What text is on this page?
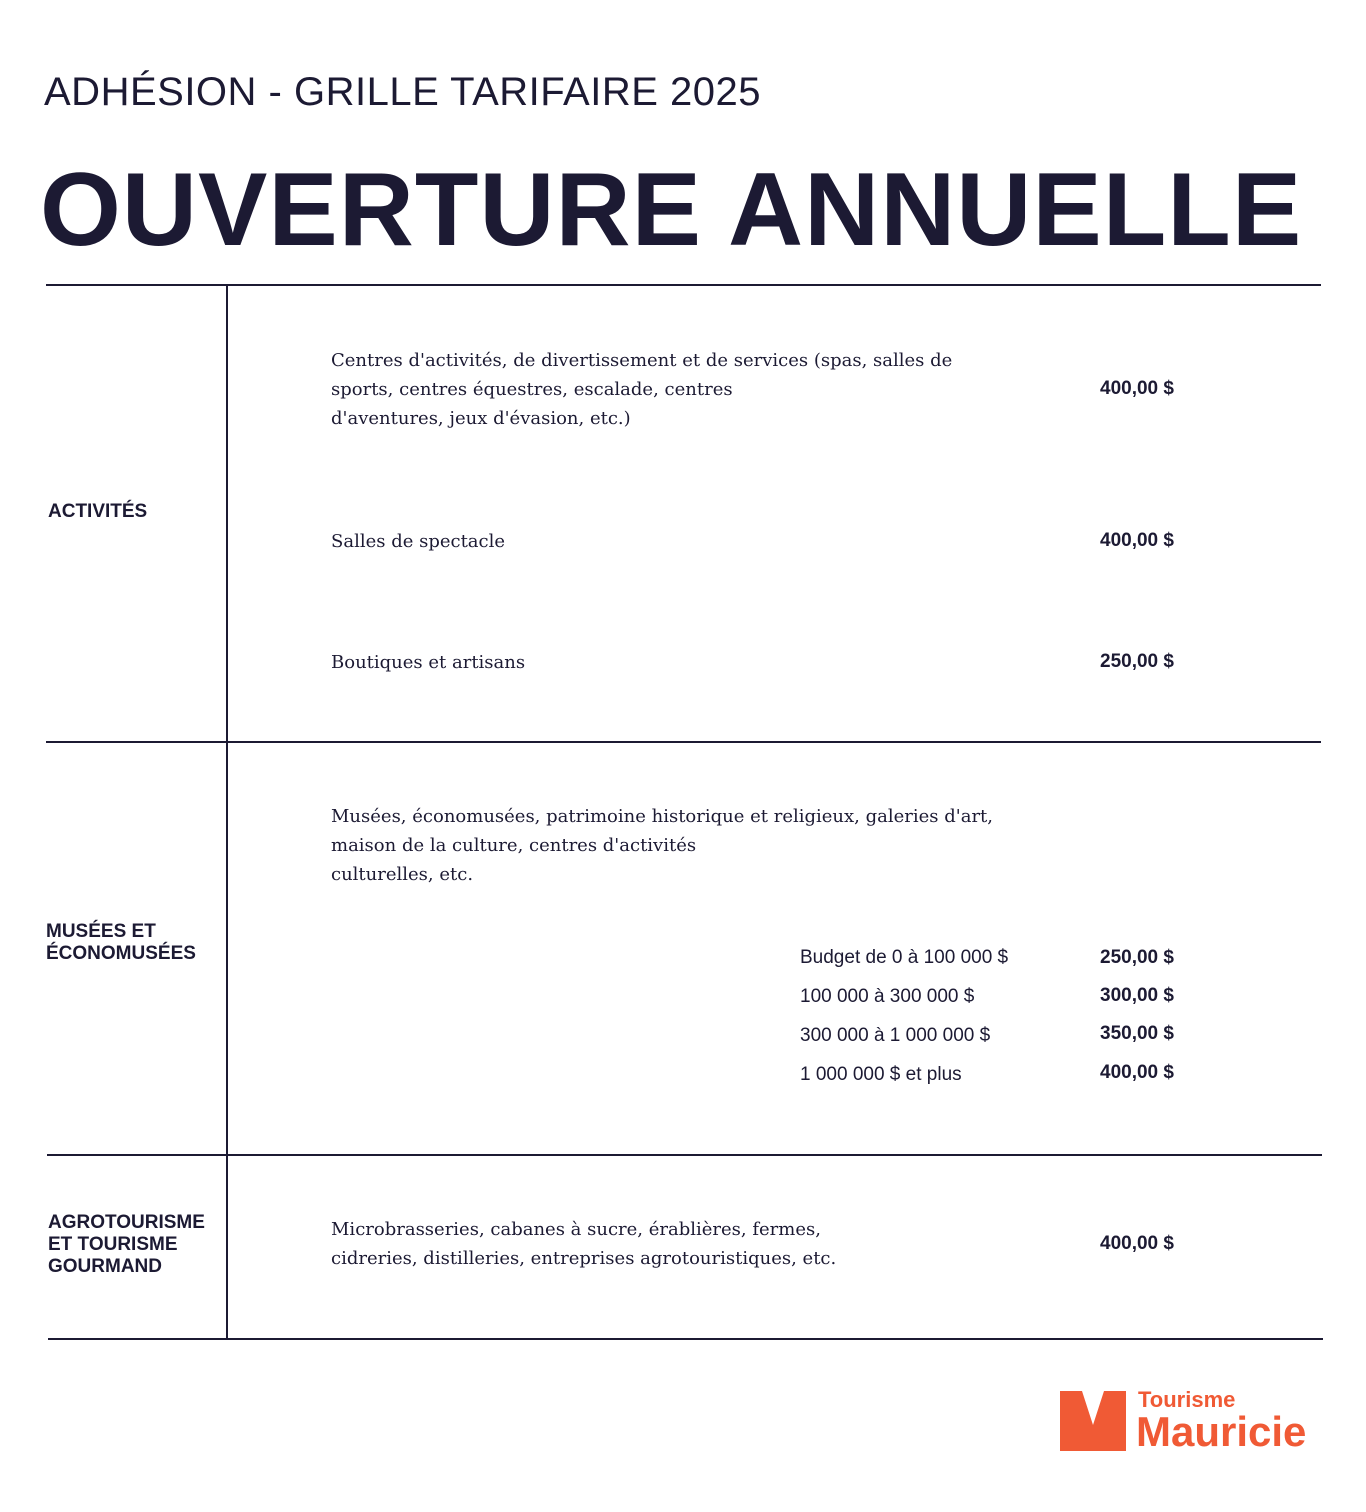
ADHÉSION - GRILLE TARIFAIRE 2025
OUVERTURE ANNUELLE
ACTIVITÉS
Centres d'activités, de divertissement et de services (spas, salles de
sports, centres équestres, escalade, centres
d'aventures, jeux d'évasion, etc.)
400,00 $
Salles de spectacle	400,00 $
Boutiques et artisans	250,00 $
MUSÉES ET
ÉCONOMUSÉES
Musées, économusées, patrimoine historique et religieux, galeries d'art,
maison de la culture, centres d'activités
culturelles, etc.
Budget de 0 à 100 000 $	250,00 $
100 000 à 300 000 $	300,00 $
300 000 à 1 000 000 $	350,00 $
1 000 000 $ et plus	400,00 $
AGROTOURISME
ET TOURISME
GOURMAND
Microbrasseries, cabanes à sucre, érablières, fermes,
cidreries, distilleries, entreprises agrotouristiques, etc.
400,00 $
Tourisme
Mauricie
